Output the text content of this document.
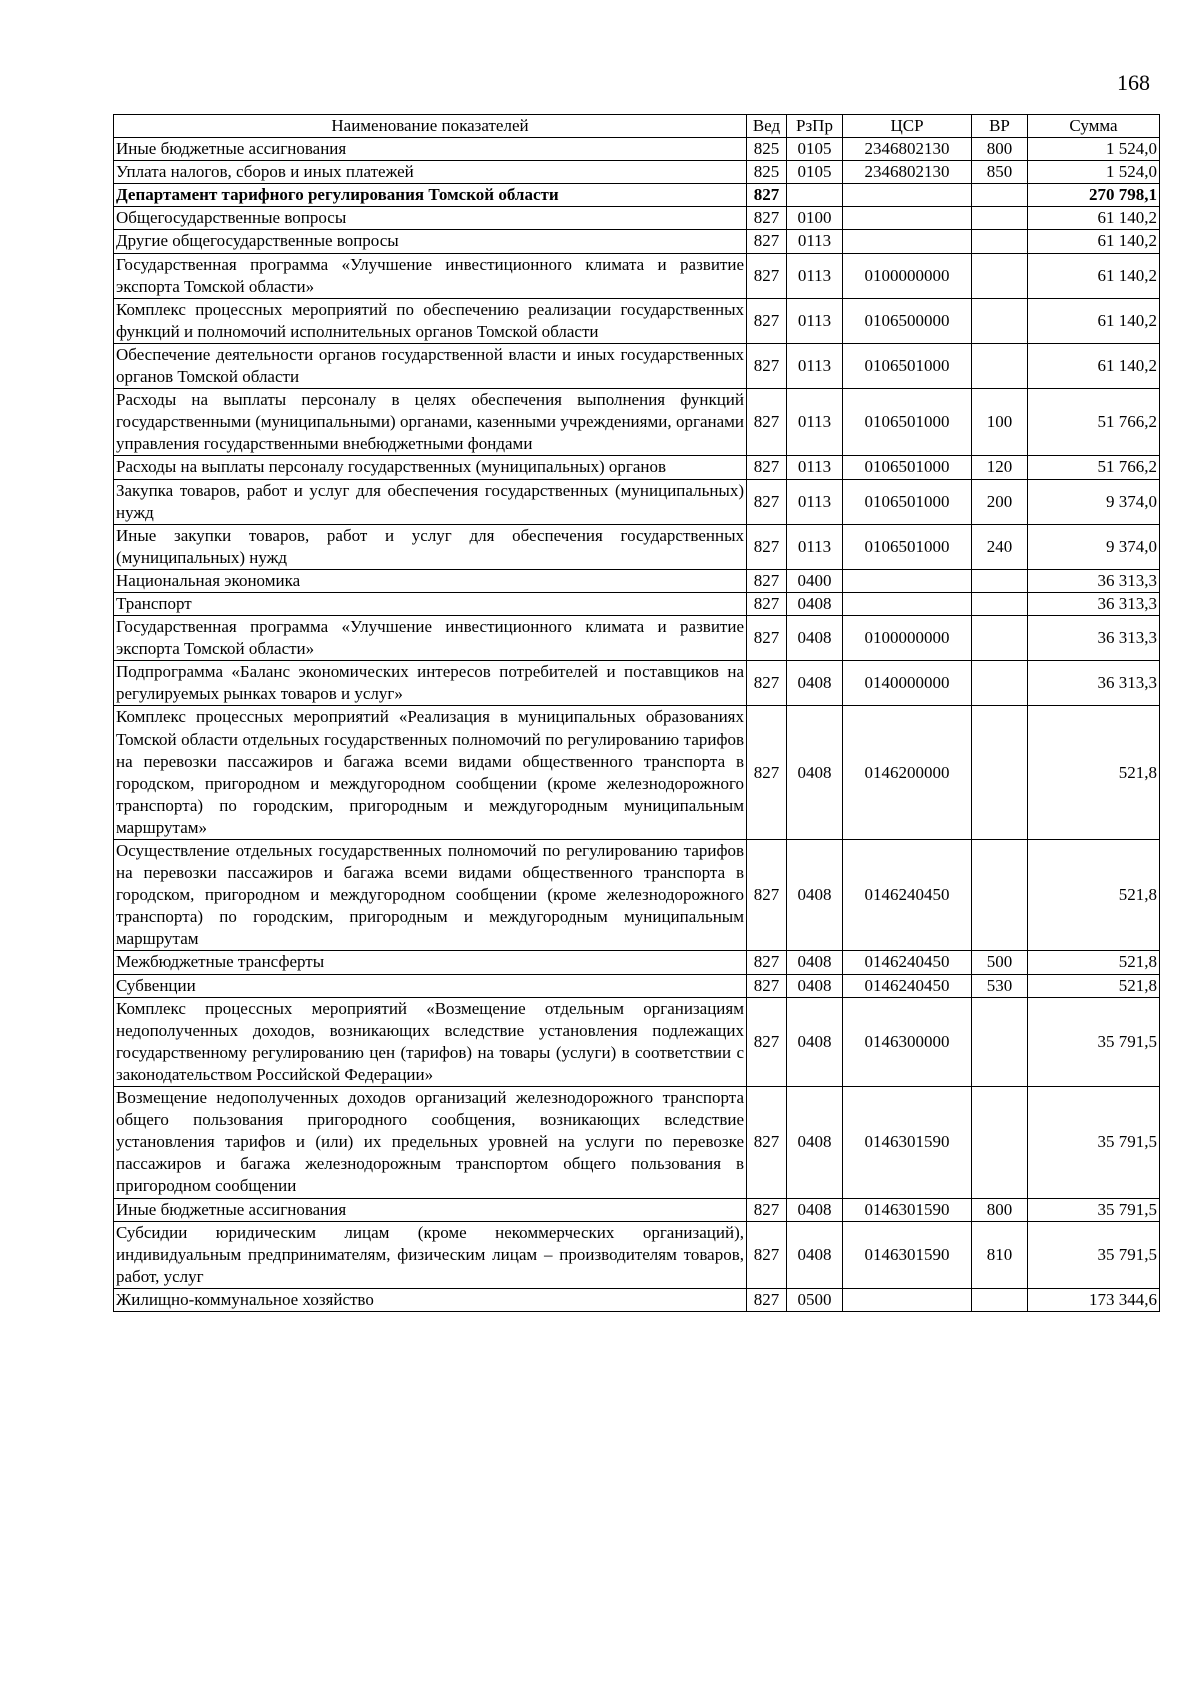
168
Наименование показателей	Вед	РзПр	ЦСР	ВР	Сумма
Иные бюджетные ассигнования	825	0105	2346802130	800	1 524,0
Уплата налогов, сборов и иных платежей	825	0105	2346802130	850	1 524,0
Департамент тарифного регулирования Томской области	827				270 798,1
Общегосударственные вопросы	827	0100			61 140,2
Другие общегосударственные вопросы	827	0113			61 140,2
Государственная программа «Улучшение инвестиционного климата и развитие экспорта Томской области»	827	0113	0100000000		61 140,2
Комплекс процессных мероприятий по обеспечению реализации государственных функций и полномочий исполнительных органов Томской области	827	0113	0106500000		61 140,2
Обеспечение деятельности органов государственной власти и иных государственных органов Томской области	827	0113	0106501000		61 140,2
Расходы на выплаты персоналу в целях обеспечения выполнения функций государственными (муниципальными) органами, казенными учреждениями, органами управления государственными внебюджетными фондами	827	0113	0106501000	100	51 766,2
Расходы на выплаты персоналу государственных (муниципальных) органов	827	0113	0106501000	120	51 766,2
Закупка товаров, работ и услуг для обеспечения государственных (муниципальных) нужд	827	0113	0106501000	200	9 374,0
Иные закупки товаров, работ и услуг для обеспечения государственных (муниципальных) нужд	827	0113	0106501000	240	9 374,0
Национальная экономика	827	0400			36 313,3
Транспорт	827	0408			36 313,3
Государственная программа «Улучшение инвестиционного климата и развитие экспорта Томской области»	827	0408	0100000000		36 313,3
Подпрограмма «Баланс экономических интересов потребителей и поставщиков на регулируемых рынках товаров и услуг»	827	0408	0140000000		36 313,3
Комплекс процессных мероприятий «Реализация в муниципальных образованиях Томской области отдельных государственных полномочий по регулированию тарифов на перевозки пассажиров и багажа всеми видами общественного транспорта в городском, пригородном и междугородном сообщении (кроме железнодорожного транспорта) по городским, пригородным и междугородным муниципальным маршрутам»	827	0408	0146200000		521,8
Осуществление отдельных государственных полномочий по регулированию тарифов на перевозки пассажиров и багажа всеми видами общественного транспорта в городском, пригородном и междугородном сообщении (кроме железнодорожного транспорта) по городским, пригородным и междугородным муниципальным маршрутам	827	0408	0146240450		521,8
Межбюджетные трансферты	827	0408	0146240450	500	521,8
Субвенции	827	0408	0146240450	530	521,8
Комплекс процессных мероприятий «Возмещение отдельным организациям недополученных доходов, возникающих вследствие установления подлежащих государственному регулированию цен (тарифов) на товары (услуги) в соответствии с законодательством Российской Федерации»	827	0408	0146300000		35 791,5
Возмещение недополученных доходов организаций железнодорожного транспорта общего пользования пригородного сообщения, возникающих вследствие установления тарифов и (или) их предельных уровней на услуги по перевозке пассажиров и багажа железнодорожным транспортом общего пользования в пригородном сообщении	827	0408	0146301590		35 791,5
Иные бюджетные ассигнования	827	0408	0146301590	800	35 791,5
Субсидии юридическим лицам (кроме некоммерческих организаций), индивидуальным предпринимателям, физическим лицам – производителям товаров, работ, услуг	827	0408	0146301590	810	35 791,5
Жилищно-коммунальное хозяйство	827	0500			173 344,6
